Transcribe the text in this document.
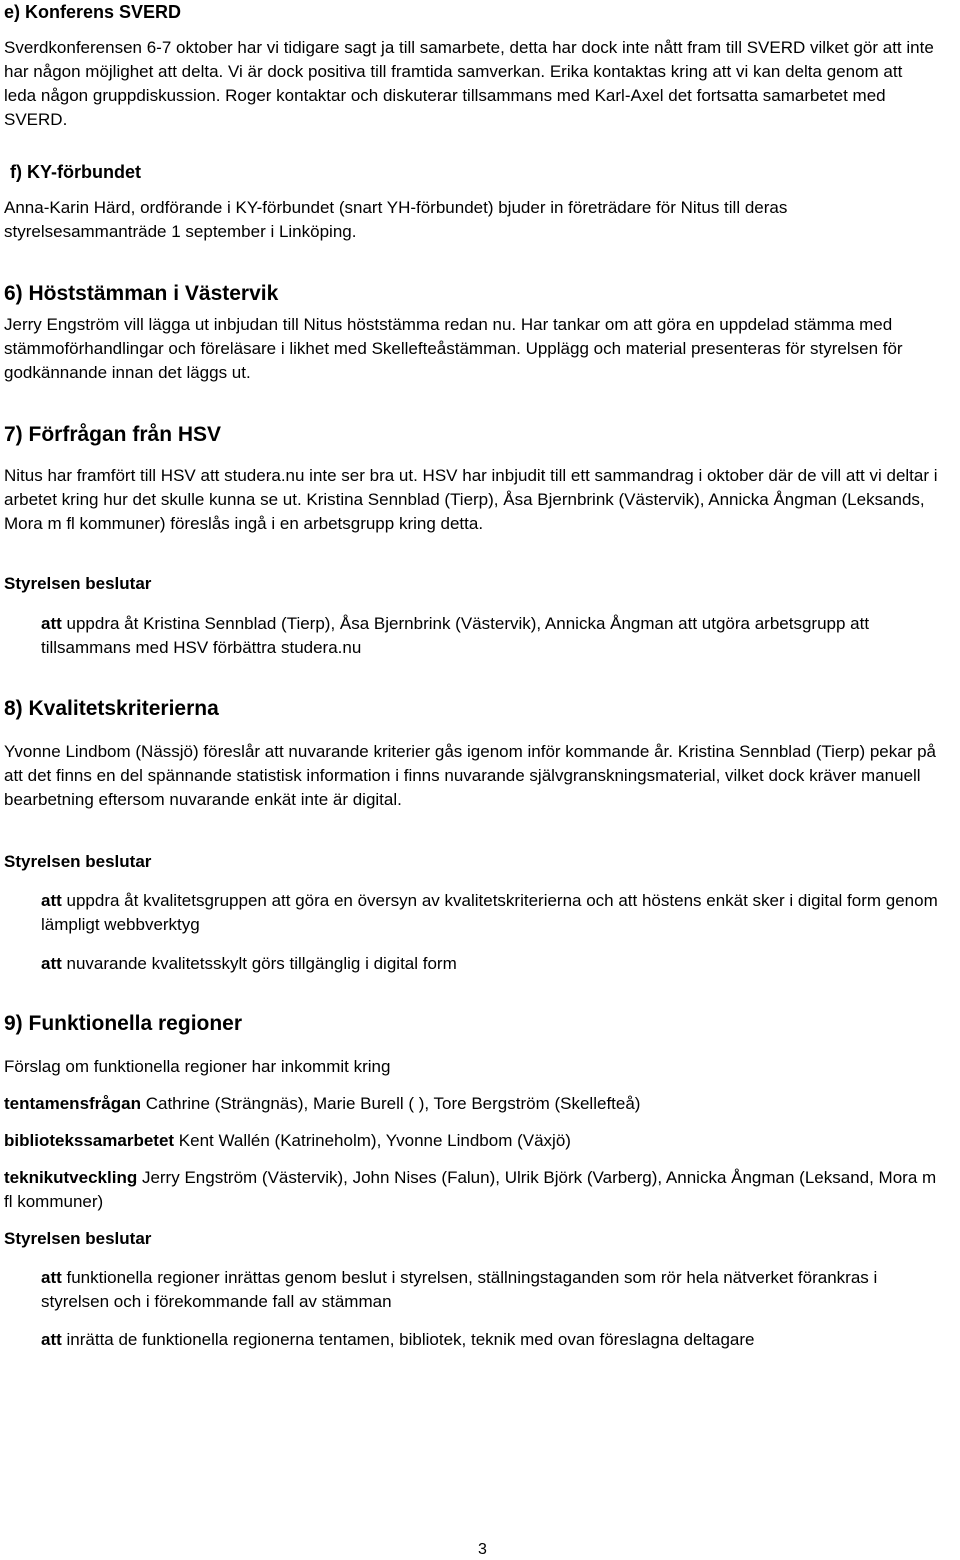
e) Konferens SVERD

Sverdkonferensen 6-7 oktober har vi tidigare sagt ja till samarbete, detta har dock inte nått fram till SVERD vilket gör att inte har någon möjlighet att delta. Vi är dock positiva till framtida samverkan. Erika kontaktas kring att vi kan delta genom att leda någon gruppdiskussion. Roger kontaktar och diskuterar tillsammans med Karl-Axel det fortsatta samarbetet med SVERD.

f) KY-förbundet

Anna-Karin Härd, ordförande i KY-förbundet (snart YH-förbundet) bjuder in företrädare för Nitus till deras styrelsesammanträde 1 september i Linköping.

6) Höststämman i Västervik

Jerry Engström vill lägga ut inbjudan till Nitus höststämma redan nu. Har tankar om att göra en uppdelad stämma med stämmoförhandlingar och föreläsare i likhet med Skellefteåstämman. Upplägg och material presenteras för styrelsen för godkännande innan det läggs ut.

7) Förfrågan från HSV

Nitus har framfört till HSV att studera.nu inte ser bra ut. HSV har inbjudit till ett sammandrag i oktober där de vill att vi deltar i arbetet kring hur det skulle kunna se ut. Kristina Sennblad (Tierp), Åsa Bjernbrink (Västervik), Annicka Ångman (Leksands, Mora m fl kommuner) föreslås ingå i en arbetsgrupp kring detta.

Styrelsen beslutar

att uppdra åt Kristina Sennblad (Tierp), Åsa Bjernbrink (Västervik), Annicka Ångman att utgöra arbetsgrupp att tillsammans med HSV förbättra studera.nu

8) Kvalitetskriterierna

Yvonne Lindbom (Nässjö) föreslår att nuvarande kriterier gås igenom inför kommande år. Kristina Sennblad (Tierp) pekar på att det finns en del spännande statistisk information i finns nuvarande självgranskningsmaterial, vilket dock kräver manuell bearbetning eftersom nuvarande enkät inte är digital.

Styrelsen beslutar

att uppdra åt kvalitetsgruppen att göra en översyn av kvalitetskriterierna och att höstens enkät sker i digital form genom lämpligt webbverktyg

att nuvarande kvalitetsskylt görs tillgänglig i digital form

9) Funktionella regioner

Förslag om funktionella regioner har inkommit kring

tentamensfrågan Cathrine (Strängnäs), Marie Burell ( ), Tore Bergström (Skellefteå)

bibliotekssamarbetet Kent Wallén (Katrineholm), Yvonne Lindbom (Växjö)

teknikutveckling Jerry Engström (Västervik), John Nises (Falun), Ulrik Björk (Varberg), Annicka Ångman (Leksand, Mora m fl kommuner)

Styrelsen beslutar

att funktionella regioner inrättas genom beslut i styrelsen, ställningstaganden som rör hela nätverket förankras i styrelsen och i förekommande fall av stämman

att inrätta de funktionella regionerna tentamen, bibliotek, teknik med ovan föreslagna deltagare

3
